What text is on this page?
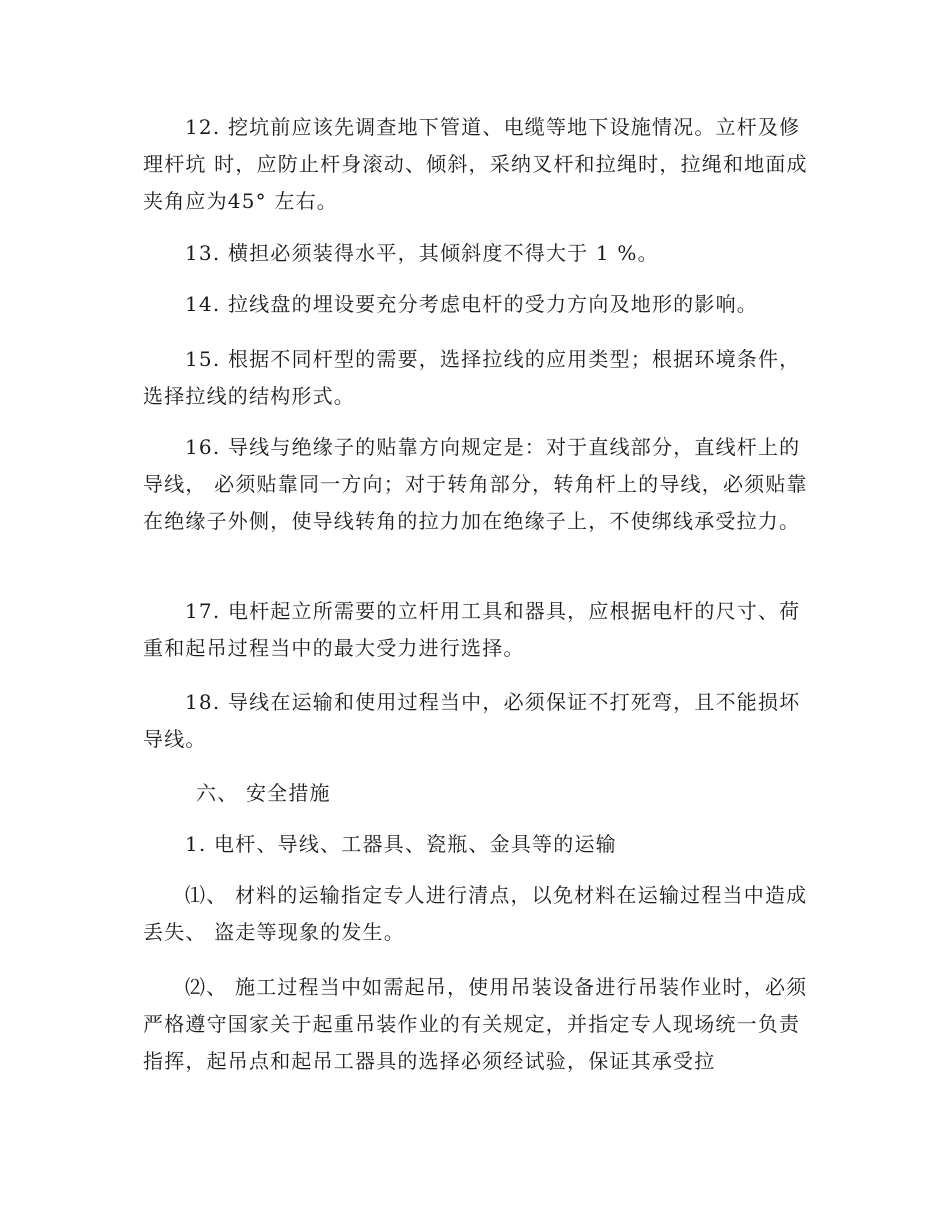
12. 挖坑前应该先调查地下管道、电缆等地下设施情况。立杆及修理杆坑 时，应防止杆身滚动、倾斜，采纳叉杆和拉绳时，拉绳和地面成夹角应为45° 左右。

13. 横担必须装得水平，其倾斜度不得大于 1 %。

14. 拉线盘的埋设要充分考虑电杆的受力方向及地形的影响。

15. 根据不同杆型的需要，选择拉线的应用类型；根据环境条件，选择拉线的结构形式。

16. 导线与绝缘子的贴靠方向规定是：对于直线部分，直线杆上的导线， 必须贴靠同一方向；对于转角部分，转角杆上的导线，必须贴靠在绝缘子外侧，使导线转角的拉力加在绝缘子上，不使绑线承受拉力。

17. 电杆起立所需要的立杆用工具和器具，应根据电杆的尺寸、荷重和起吊过程当中的最大受力进行选择。

18. 导线在运输和使用过程当中，必须保证不打死弯，且不能损坏导线。

六、 安全措施
1. 电杆、导线、工器具、瓷瓶、金具等的运输

⑴、 材料的运输指定专人进行清点，以免材料在运输过程当中造成丢失、 盗走等现象的发生。

⑵、 施工过程当中如需起吊，使用吊装设备进行吊装作业时，必须严格遵守国家关于起重吊装作业的有关规定，并指定专人现场统一负责指挥，起吊点和起吊工器具的选择必须经试验，保证其承受拉
